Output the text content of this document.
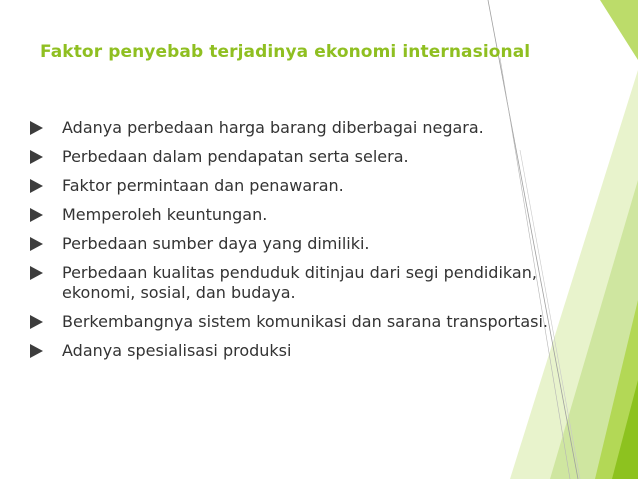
Faktor penyebab terjadinya ekonomi internasional
Adanya perbedaan harga barang diberbagai negara.
Perbedaan dalam pendapatan serta selera.
Faktor permintaan dan penawaran.
Memperoleh keuntungan.
Perbedaan sumber daya yang dimiliki.
Perbedaan kualitas penduduk ditinjau dari segi pendidikan, ekonomi, sosial, dan budaya.
Berkembangnya sistem komunikasi dan sarana transportasi.
Adanya spesialisasi produksi
